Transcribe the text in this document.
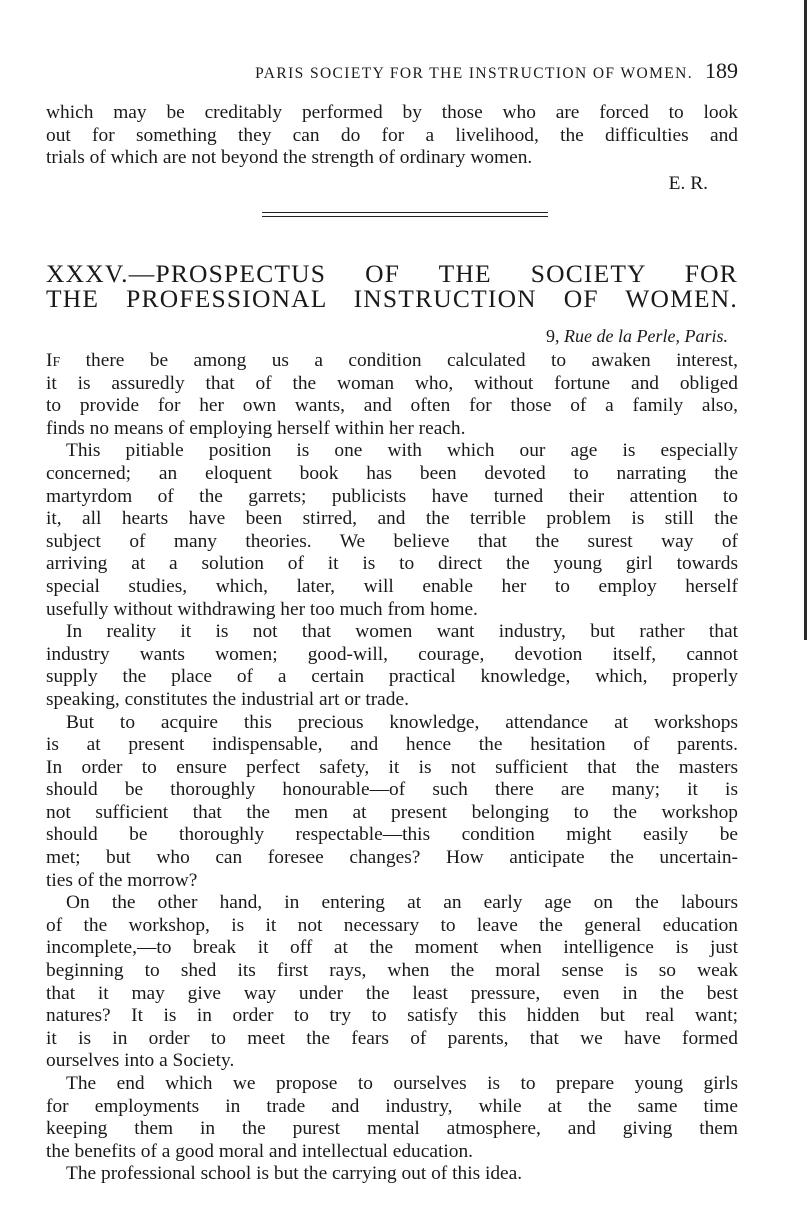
PARIS SOCIETY FOR THE INSTRUCTION OF WOMEN. 189

which may be creditably performed by those who are forced to look
out for something they can do for a livelihood, the difficulties and
trials of which are not beyond the strength of ordinary women.

E. R.
XXXV.—PROSPECTUS OF THE SOCIETY FOR
THE PROFESSIONAL INSTRUCTION OF WOMEN.
9, Rue de la Perle, Paris.

If there be among us a condition calculated to awaken interest,
it is assuredly that of the woman who, without fortune and obliged
to provide for her own wants, and often for those of a family also,
finds no means of employing herself within her reach.

This pitiable position is one with which our age is especially
concerned; an eloquent book has been devoted to narrating the
martyrdom of the garrets; publicists have turned their attention to
it, all hearts have been stirred, and the terrible problem is still the
subject of many theories. We believe that the surest way of
arriving at a solution of it is to direct the young girl towards
special studies, which, later, will enable her to employ herself
usefully without withdrawing her too much from home.

In reality it is not that women want industry, but rather that
industry wants women; good-will, courage, devotion itself, cannot
supply the place of a certain practical knowledge, which, properly
speaking, constitutes the industrial art or trade.

But to acquire this precious knowledge, attendance at workshops
is at present indispensable, and hence the hesitation of parents.
In order to ensure perfect safety, it is not sufficient that the masters
should be thoroughly honourable—of such there are many; it is
not sufficient that the men at present belonging to the workshop
should be thoroughly respectable—this condition might easily be
met; but who can foresee changes? How anticipate the uncertain-
ties of the morrow?

On the other hand, in entering at an early age on the labours
of the workshop, is it not necessary to leave the general education
incomplete,—to break it off at the moment when intelligence is just
beginning to shed its first rays, when the moral sense is so weak
that it may give way under the least pressure, even in the best
natures? It is in order to try to satisfy this hidden but real want;
it is in order to meet the fears of parents, that we have formed
ourselves into a Society.

The end which we propose to ourselves is to prepare young girls
for employments in trade and industry, while at the same time
keeping them in the purest mental atmosphere, and giving them
the benefits of a good moral and intellectual education.

The professional school is but the carrying out of this idea.
